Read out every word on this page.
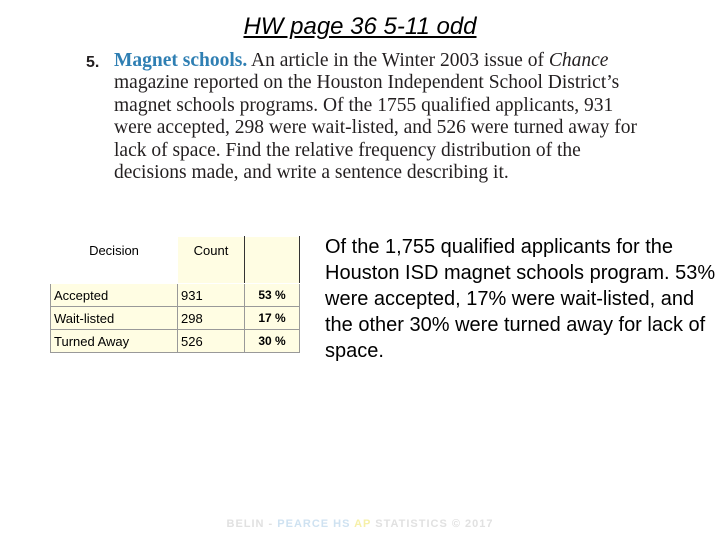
HW page 36 5-11 odd
5. Magnet schools. An article in the Winter 2003 issue of Chance magazine reported on the Houston Independent School District’s magnet schools programs. Of the 1755 qualified applicants, 931 were accepted, 298 were wait-listed, and 526 were turned away for lack of space. Find the relative frequency distribution of the decisions made, and write a sentence describing it.
Decision	Count	
Accepted	931	53 %
Wait-listed	298	17 %
Turned Away	526	30 %
Of the 1,755 qualified applicants for the Houston ISD magnet schools program. 53% were accepted, 17% were wait-listed, and the other 30% were turned away for lack of space.
BELIN - PEARCE HS AP STATISTICS © 2017
